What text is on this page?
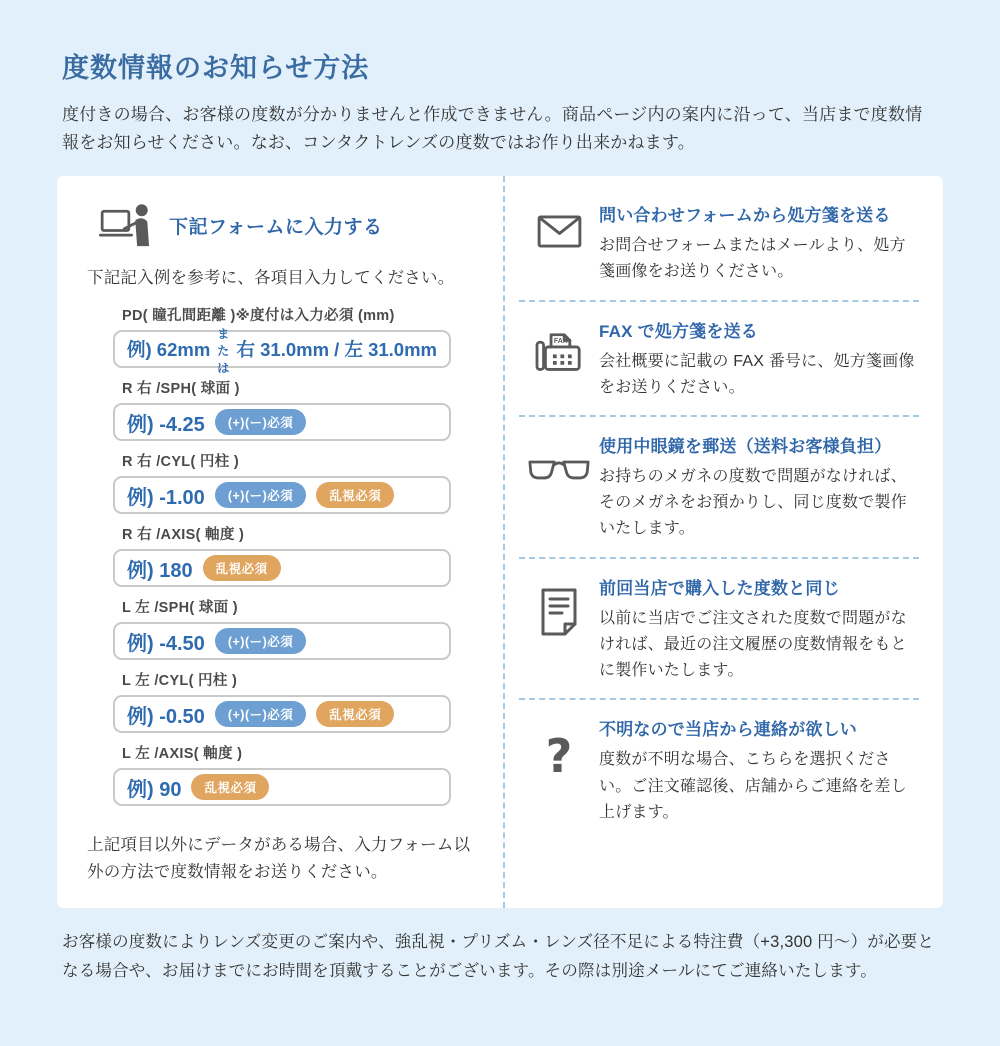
度数情報のお知らせ方法

度付きの場合、お客様の度数が分かりませんと作成できません。商品ページ内の案内に沿って、当店まで度数情報をお知らせください。なお、コンタクトレンズの度数ではお作り出来かねます。

下記フォームに入力する

下記記入例を参考に、各項目入力してください。

PD( 瞳孔間距離 )※度付は入力必須 (mm)
例) 62mm
または
右 31.0mm / 左 31.0mm
R 右 /SPH( 球面 )
例) -4.25	(+)(ー)必須
R 右 /CYL( 円柱 )
例) -1.00	(+)(ー)必須	乱視必須
R 右 /AXIS( 軸度 )
例) 180	乱視必須
L 左 /SPH( 球面 )
例) -4.50	(+)(ー)必須
L 左 /CYL( 円柱 )
例) -0.50	(+)(ー)必須	乱視必須
L 左 /AXIS( 軸度 )
例) 90	乱視必須

上記項目以外にデータがある場合、入力フォーム以外の方法で度数情報をお送りください。

問い合わせフォームから処方箋を送る
お問合せフォームまたはメールより、処方箋画像をお送りください。
FAX
FAX で処方箋を送る
会社概要に記載の FAX 番号に、処方箋画像をお送りください。
使用中眼鏡を郵送（送料お客様負担）
お持ちのメガネの度数で問題がなければ、そのメガネをお預かりし、同じ度数で製作いたします。
前回当店で購入した度数と同じ
以前に当店でご注文された度数で問題がなければ、最近の注文履歴の度数情報をもとに製作いたします。
? 不明なので当店から連絡が欲しい
度数が不明な場合、こちらを選択ください。ご注文確認後、店舗からご連絡を差し上げます。

お客様の度数によりレンズ変更のご案内や、強乱視・プリズム・レンズ径不足による特注費（+3,300 円〜）が必要となる場合や、お届けまでにお時間を頂戴することがございます。その際は別途メールにてご連絡いたします。
